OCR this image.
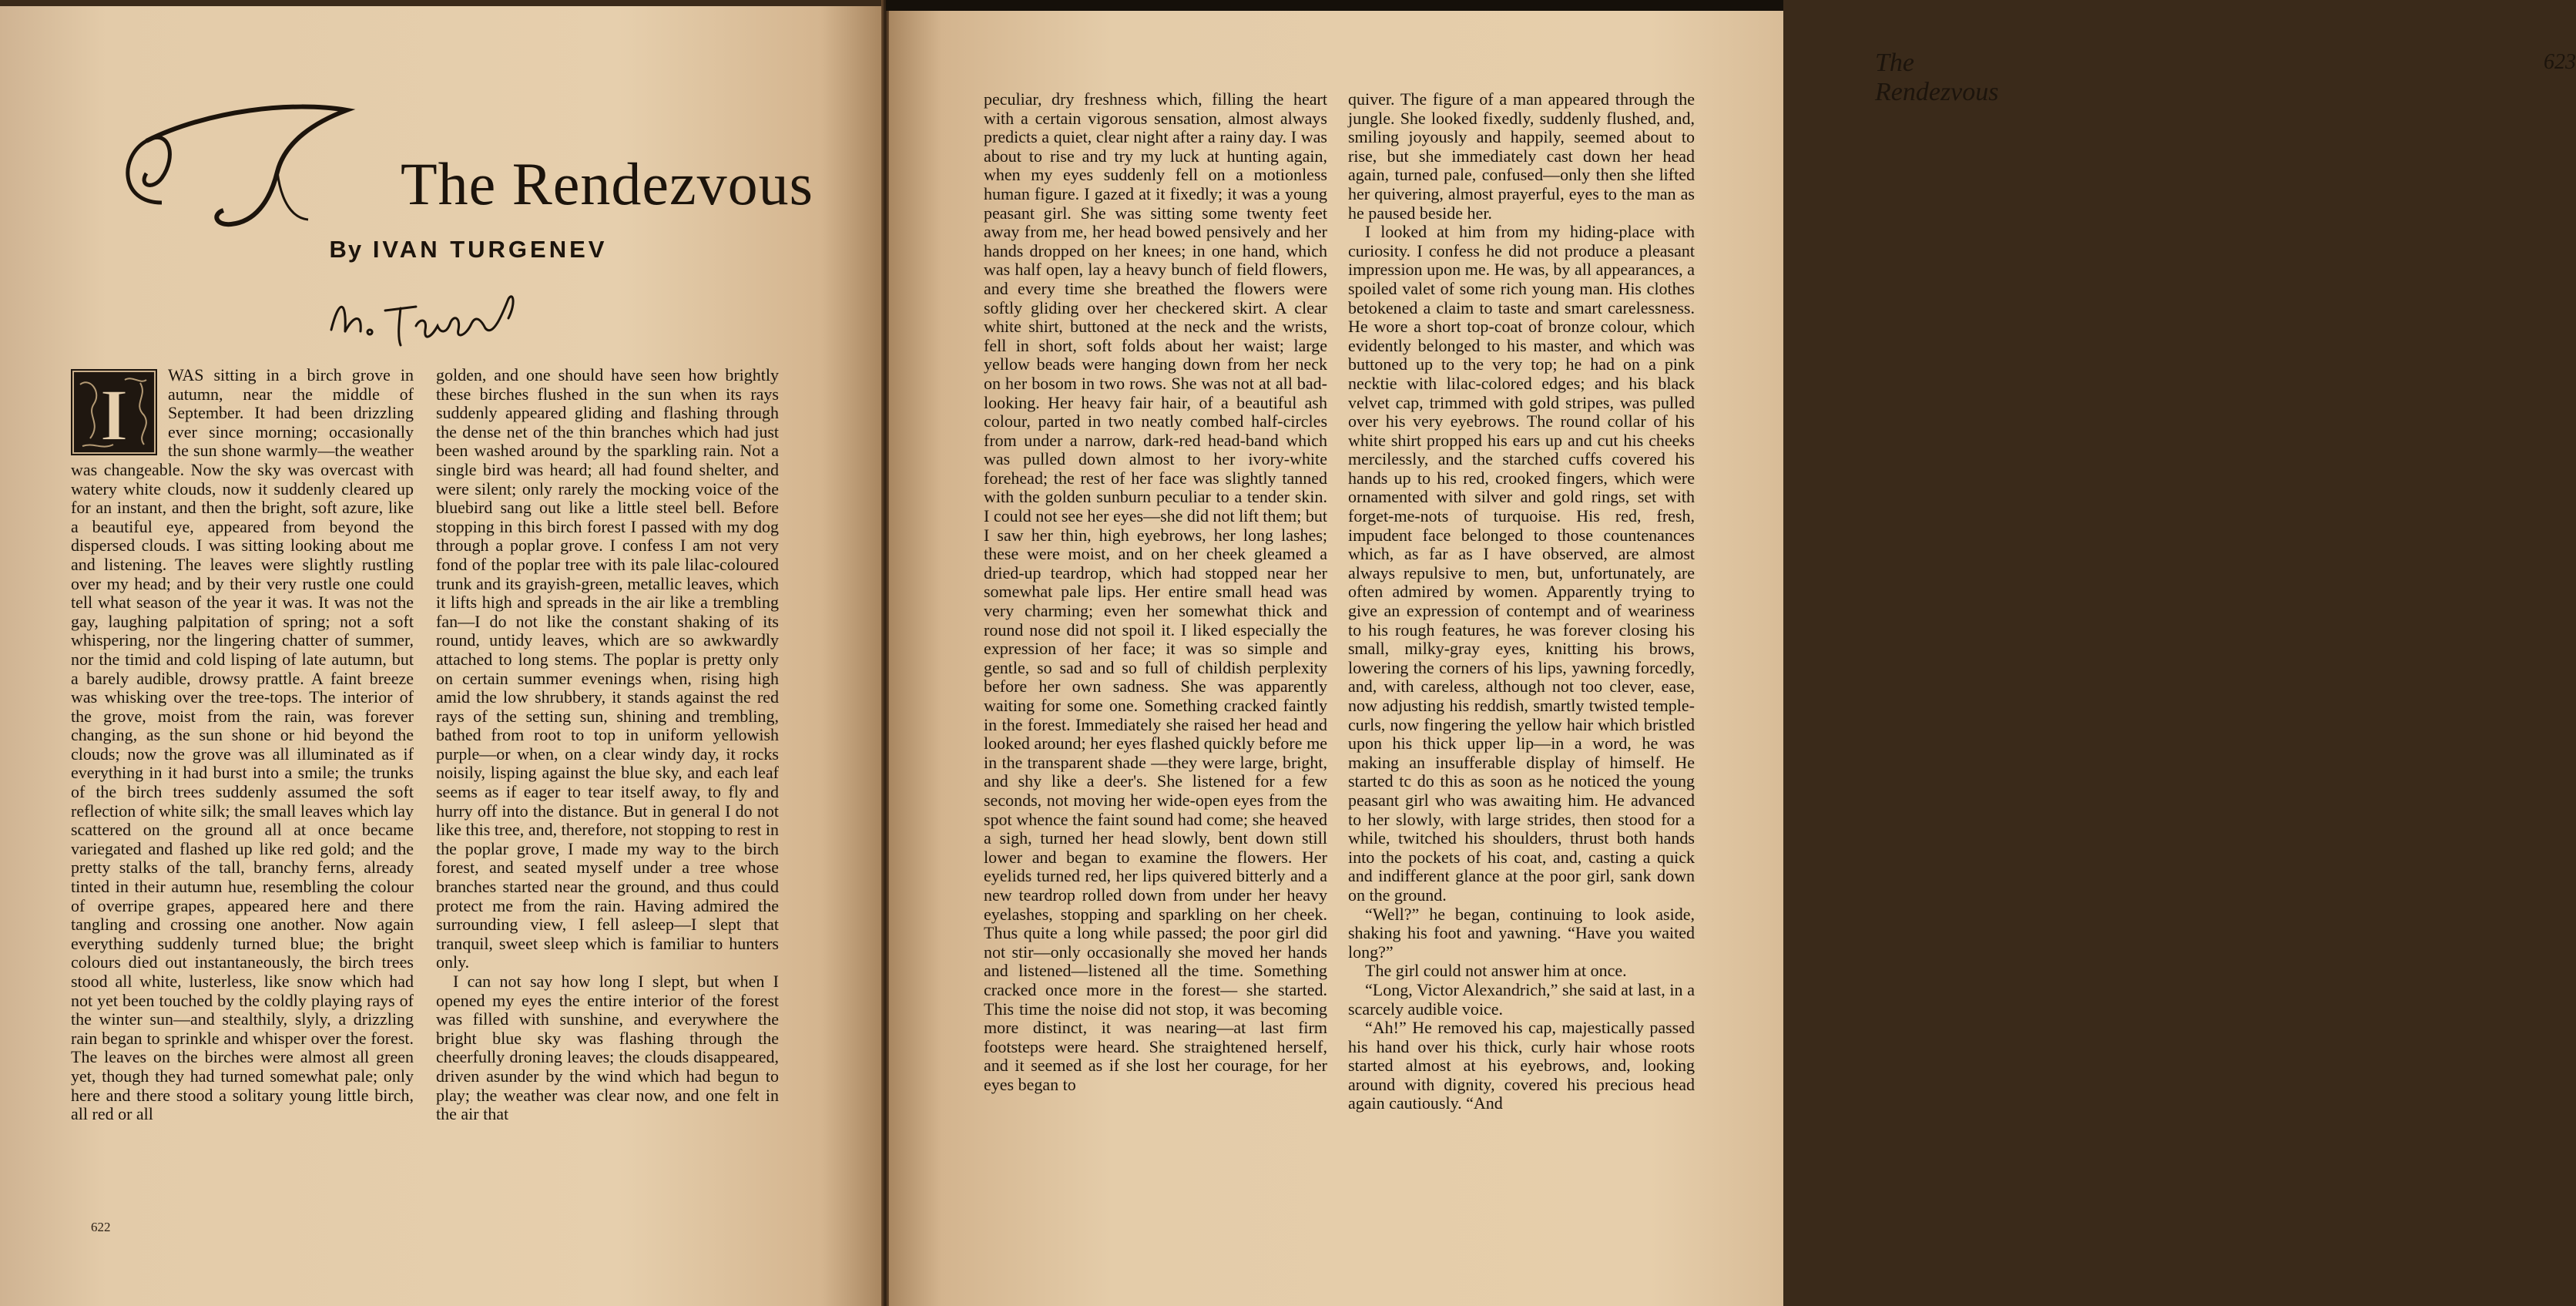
The Rendezvous
By IVAN TURGENEV
I	WAS sitting in a birch grove in autumn, near the middle of September. It had been drizzling ever since morning; occasionally the sun shone warmly—the weather was changeable. Now the sky was overcast with watery white clouds, now it suddenly cleared up for an instant, and then the bright, soft azure, like a beautiful eye, appeared from beyond the dispersed clouds. I was sitting looking about me and listening. The leaves were slightly rustling over my head; and by their very rustle one could tell what season of the year it was. It was not the gay, laughing palpitation of spring; not a soft whispering, nor the lingering chatter of summer, nor the timid and cold lisping of late autumn, but a barely audible, drowsy prattle. A faint breeze was whisking over the tree-tops. The interior of the grove, moist from the rain, was forever changing, as the sun shone or hid beyond the clouds; now the grove was all illuminated as if everything in it had burst into a smile; the trunks of the birch trees suddenly assumed the soft reflection of white silk; the small leaves which lay scattered on the ground all at once became variegated and flashed up like red gold; and the pretty stalks of the tall, branchy ferns, already tinted in their autumn hue, resembling the colour of overripe grapes, appeared here and there tangling and crossing one another. Now again everything suddenly turned blue; the bright colours died out instantaneously, the birch trees stood all white, lusterless, like snow which had not yet been touched by the coldly playing rays of the winter sun—and stealthily, slyly, a drizzling rain began to sprinkle and whisper over the forest. The leaves on the birches were almost all green yet, though they had turned somewhat pale; only here and there stood a solitary young little birch, all red or all

golden, and one should have seen how brightly these birches flushed in the sun when its rays suddenly appeared gliding and flashing through the dense net of the thin branches which had just been washed around by the sparkling rain. Not a single bird was heard; all had found shelter, and were silent; only rarely the mocking voice of the bluebird sang out like a little steel bell. Before stopping in this birch forest I passed with my dog through a poplar grove. I confess I am not very fond of the poplar tree with its pale lilac-coloured trunk and its grayish-green, metallic leaves, which it lifts high and spreads in the air like a trembling fan—I do not like the constant shaking of its round, untidy leaves, which are so awkwardly attached to long stems. The poplar is pretty only on certain summer evenings when, rising high amid the low shrubbery, it stands against the red rays of the setting sun, shining and trembling, bathed from root to top in uniform yellowish purple—or when, on a clear windy day, it rocks noisily, lisping against the blue sky, and each leaf seems as if eager to tear itself away, to fly and hurry off into the distance. But in general I do not like this tree, and, therefore, not stopping to rest in the poplar grove, I made my way to the birch forest, and seated myself under a tree whose branches started near the ground, and thus could protect me from the rain. Having admired the surrounding view, I fell asleep—I slept that tranquil, sweet sleep which is familiar to hunters only.

I can not say how long I slept, but when I opened my eyes the entire interior of the forest was filled with sunshine, and everywhere the bright blue sky was flashing through the cheerfully droning leaves; the clouds disappeared, driven asunder by the wind which had begun to play; the weather was clear now, and one felt in the air that

622
The Rendezvous
623

peculiar, dry freshness which, filling the heart with a certain vigorous sensation, almost always predicts a quiet, clear night after a rainy day. I was about to rise and try my luck at hunting again, when my eyes suddenly fell on a motionless human figure. I gazed at it fixedly; it was a young peasant girl. She was sitting some twenty feet away from me, her head bowed pensively and her hands dropped on her knees; in one hand, which was half open, lay a heavy bunch of field flowers, and every time she breathed the flowers were softly gliding over her checkered skirt. A clear white shirt, buttoned at the neck and the wrists, fell in short, soft folds about her waist; large yellow beads were hanging down from her neck on her bosom in two rows. She was not at all bad-looking. Her heavy fair hair, of a beautiful ash colour, parted in two neatly combed half-circles from under a narrow, dark-red head-band which was pulled down almost to her ivory-white forehead; the rest of her face was slightly tanned with the golden sunburn peculiar to a tender skin. I could not see her eyes—she did not lift them; but I saw her thin, high eyebrows, her long lashes; these were moist, and on her cheek gleamed a dried-up teardrop, which had stopped near her somewhat pale lips. Her entire small head was very charming; even her somewhat thick and round nose did not spoil it. I liked especially the expression of her face; it was so simple and gentle, so sad and so full of childish perplexity before her own sadness. She was apparently waiting for some one. Something cracked faintly in the forest. Immediately she raised her head and looked around; her eyes flashed quickly before me in the transparent shade —they were large, bright, and shy like a deer's. She listened for a few seconds, not moving her wide-open eyes from the spot whence the faint sound had come; she heaved a sigh, turned her head slowly, bent down still lower and began to examine the flowers. Her eyelids turned red, her lips quivered bitterly and a new teardrop rolled down from under her heavy eyelashes, stopping and sparkling on her cheek. Thus quite a long while passed; the poor girl did not stir—only occasionally she moved her hands and listened—listened all the time. Something cracked once more in the forest— she started. This time the noise did not stop, it was becoming more distinct, it was nearing—at last firm footsteps were heard. She straightened herself, and it seemed as if she lost her courage, for her eyes began to

quiver. The figure of a man appeared through the jungle. She looked fixedly, suddenly flushed, and, smiling joyously and happily, seemed about to rise, but she immediately cast down her head again, turned pale, confused—only then she lifted her quivering, almost prayerful, eyes to the man as he paused beside her.

I looked at him from my hiding-place with curiosity. I confess he did not produce a pleasant impression upon me. He was, by all appearances, a spoiled valet of some rich young man. His clothes betokened a claim to taste and smart carelessness. He wore a short top-coat of bronze colour, which evidently belonged to his master, and which was buttoned up to the very top; he had on a pink necktie with lilac-colored edges; and his black velvet cap, trimmed with gold stripes, was pulled over his very eyebrows. The round collar of his white shirt propped his ears up and cut his cheeks mercilessly, and the starched cuffs covered his hands up to his red, crooked fingers, which were ornamented with silver and gold rings, set with forget-me-nots of turquoise. His red, fresh, impudent face belonged to those countenances which, as far as I have observed, are almost always repulsive to men, but, unfortunately, are often admired by women. Apparently trying to give an expression of contempt and of weariness to his rough features, he was forever closing his small, milky-gray eyes, knitting his brows, lowering the corners of his lips, yawning forcedly, and, with careless, although not too clever, ease, now adjusting his reddish, smartly twisted temple-curls, now fingering the yellow hair which bristled upon his thick upper lip—in a word, he was making an insufferable display of himself. He started tc do this as soon as he noticed the young peasant girl who was awaiting him. He advanced to her slowly, with large strides, then stood for a while, twitched his shoulders, thrust both hands into the pockets of his coat, and, casting a quick and indifferent glance at the poor girl, sank down on the ground.

“Well?” he began, continuing to look aside, shaking his foot and yawning. “Have you waited long?”

The girl could not answer him at once.

“Long, Victor Alexandrich,” she said at last, in a scarcely audible voice.

“Ah!” He removed his cap, majestically passed his hand over his thick, curly hair whose roots started almost at his eyebrows, and, looking around with dignity, covered his precious head again cautiously. “And
